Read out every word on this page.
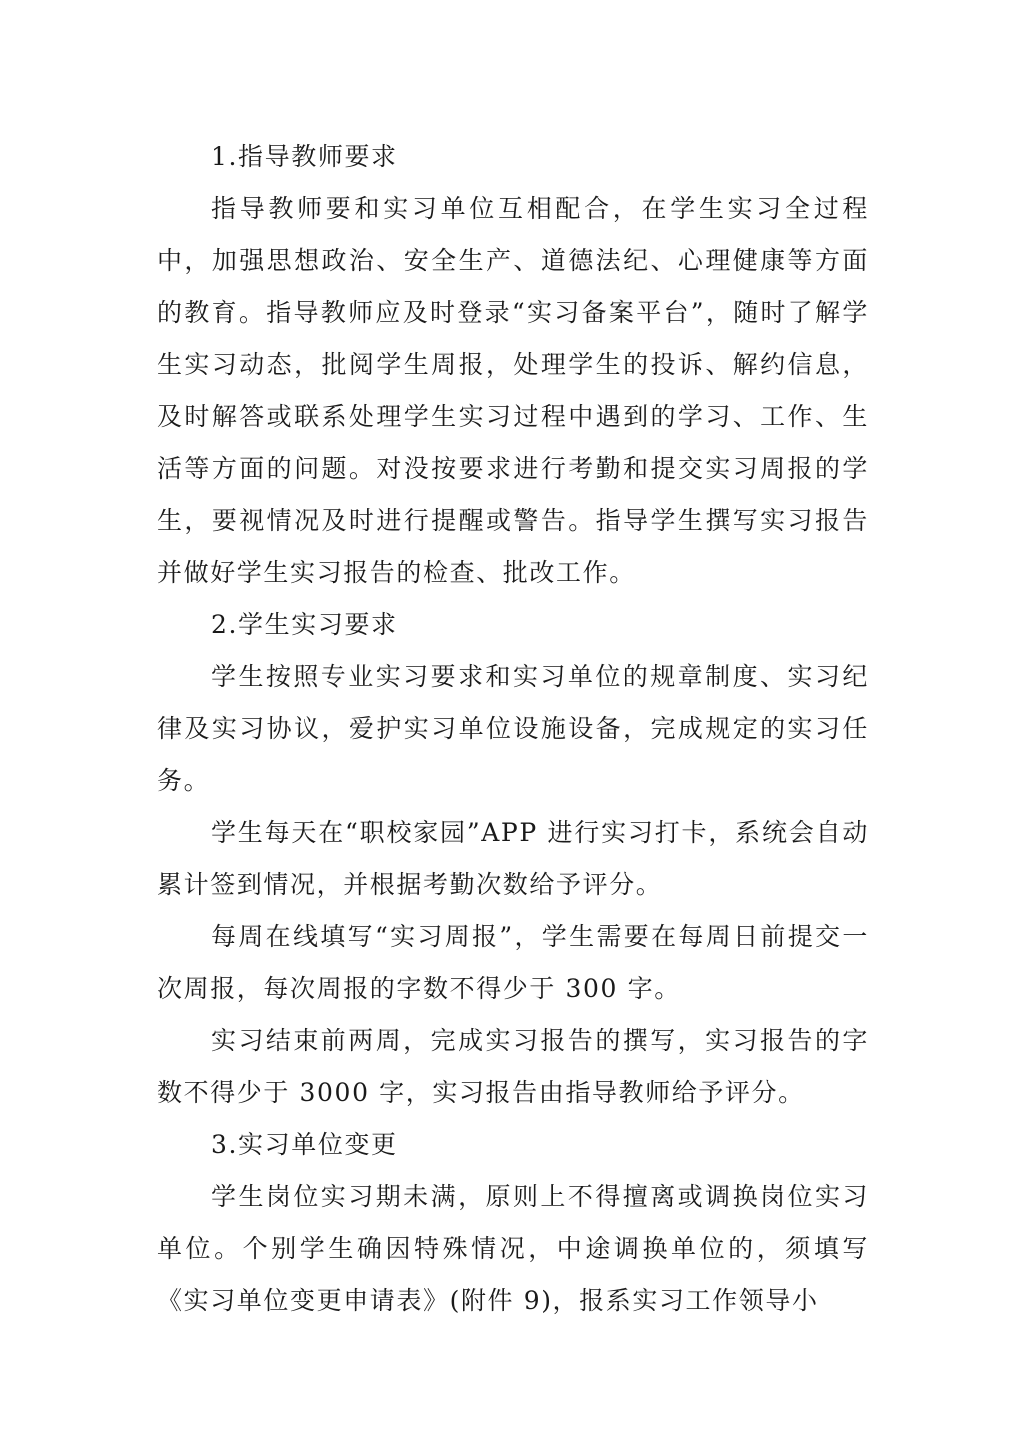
1.指导教师要求

指导教师要和实习单位互相配合，在学生实习全过程中，加强思想政治、安全生产、道德法纪、心理健康等方面的教育。指导教师应及时登录“实习备案平台”，随时了解学生实习动态，批阅学生周报，处理学生的投诉、解约信息，及时解答或联系处理学生实习过程中遇到的学习、工作、生活等方面的问题。对没按要求进行考勤和提交实习周报的学生，要视情况及时进行提醒或警告。指导学生撰写实习报告并做好学生实习报告的检查、批改工作。

2.学生实习要求

学生按照专业实习要求和实习单位的规章制度、实习纪律及实习协议，爱护实习单位设施设备，完成规定的实习任务。

学生每天在“职校家园”APP 进行实习打卡，系统会自动累计签到情况，并根据考勤次数给予评分。

每周在线填写“实习周报”，学生需要在每周日前提交一次周报，每次周报的字数不得少于 300 字。

实习结束前两周，完成实习报告的撰写，实习报告的字数不得少于 3000 字，实习报告由指导教师给予评分。

3.实习单位变更

学生岗位实习期未满，原则上不得擅离或调换岗位实习单位。个别学生确因特殊情况，中途调换单位的，须填写《实习单位变更申请表》(附件 9)，报系实习工作领导小
